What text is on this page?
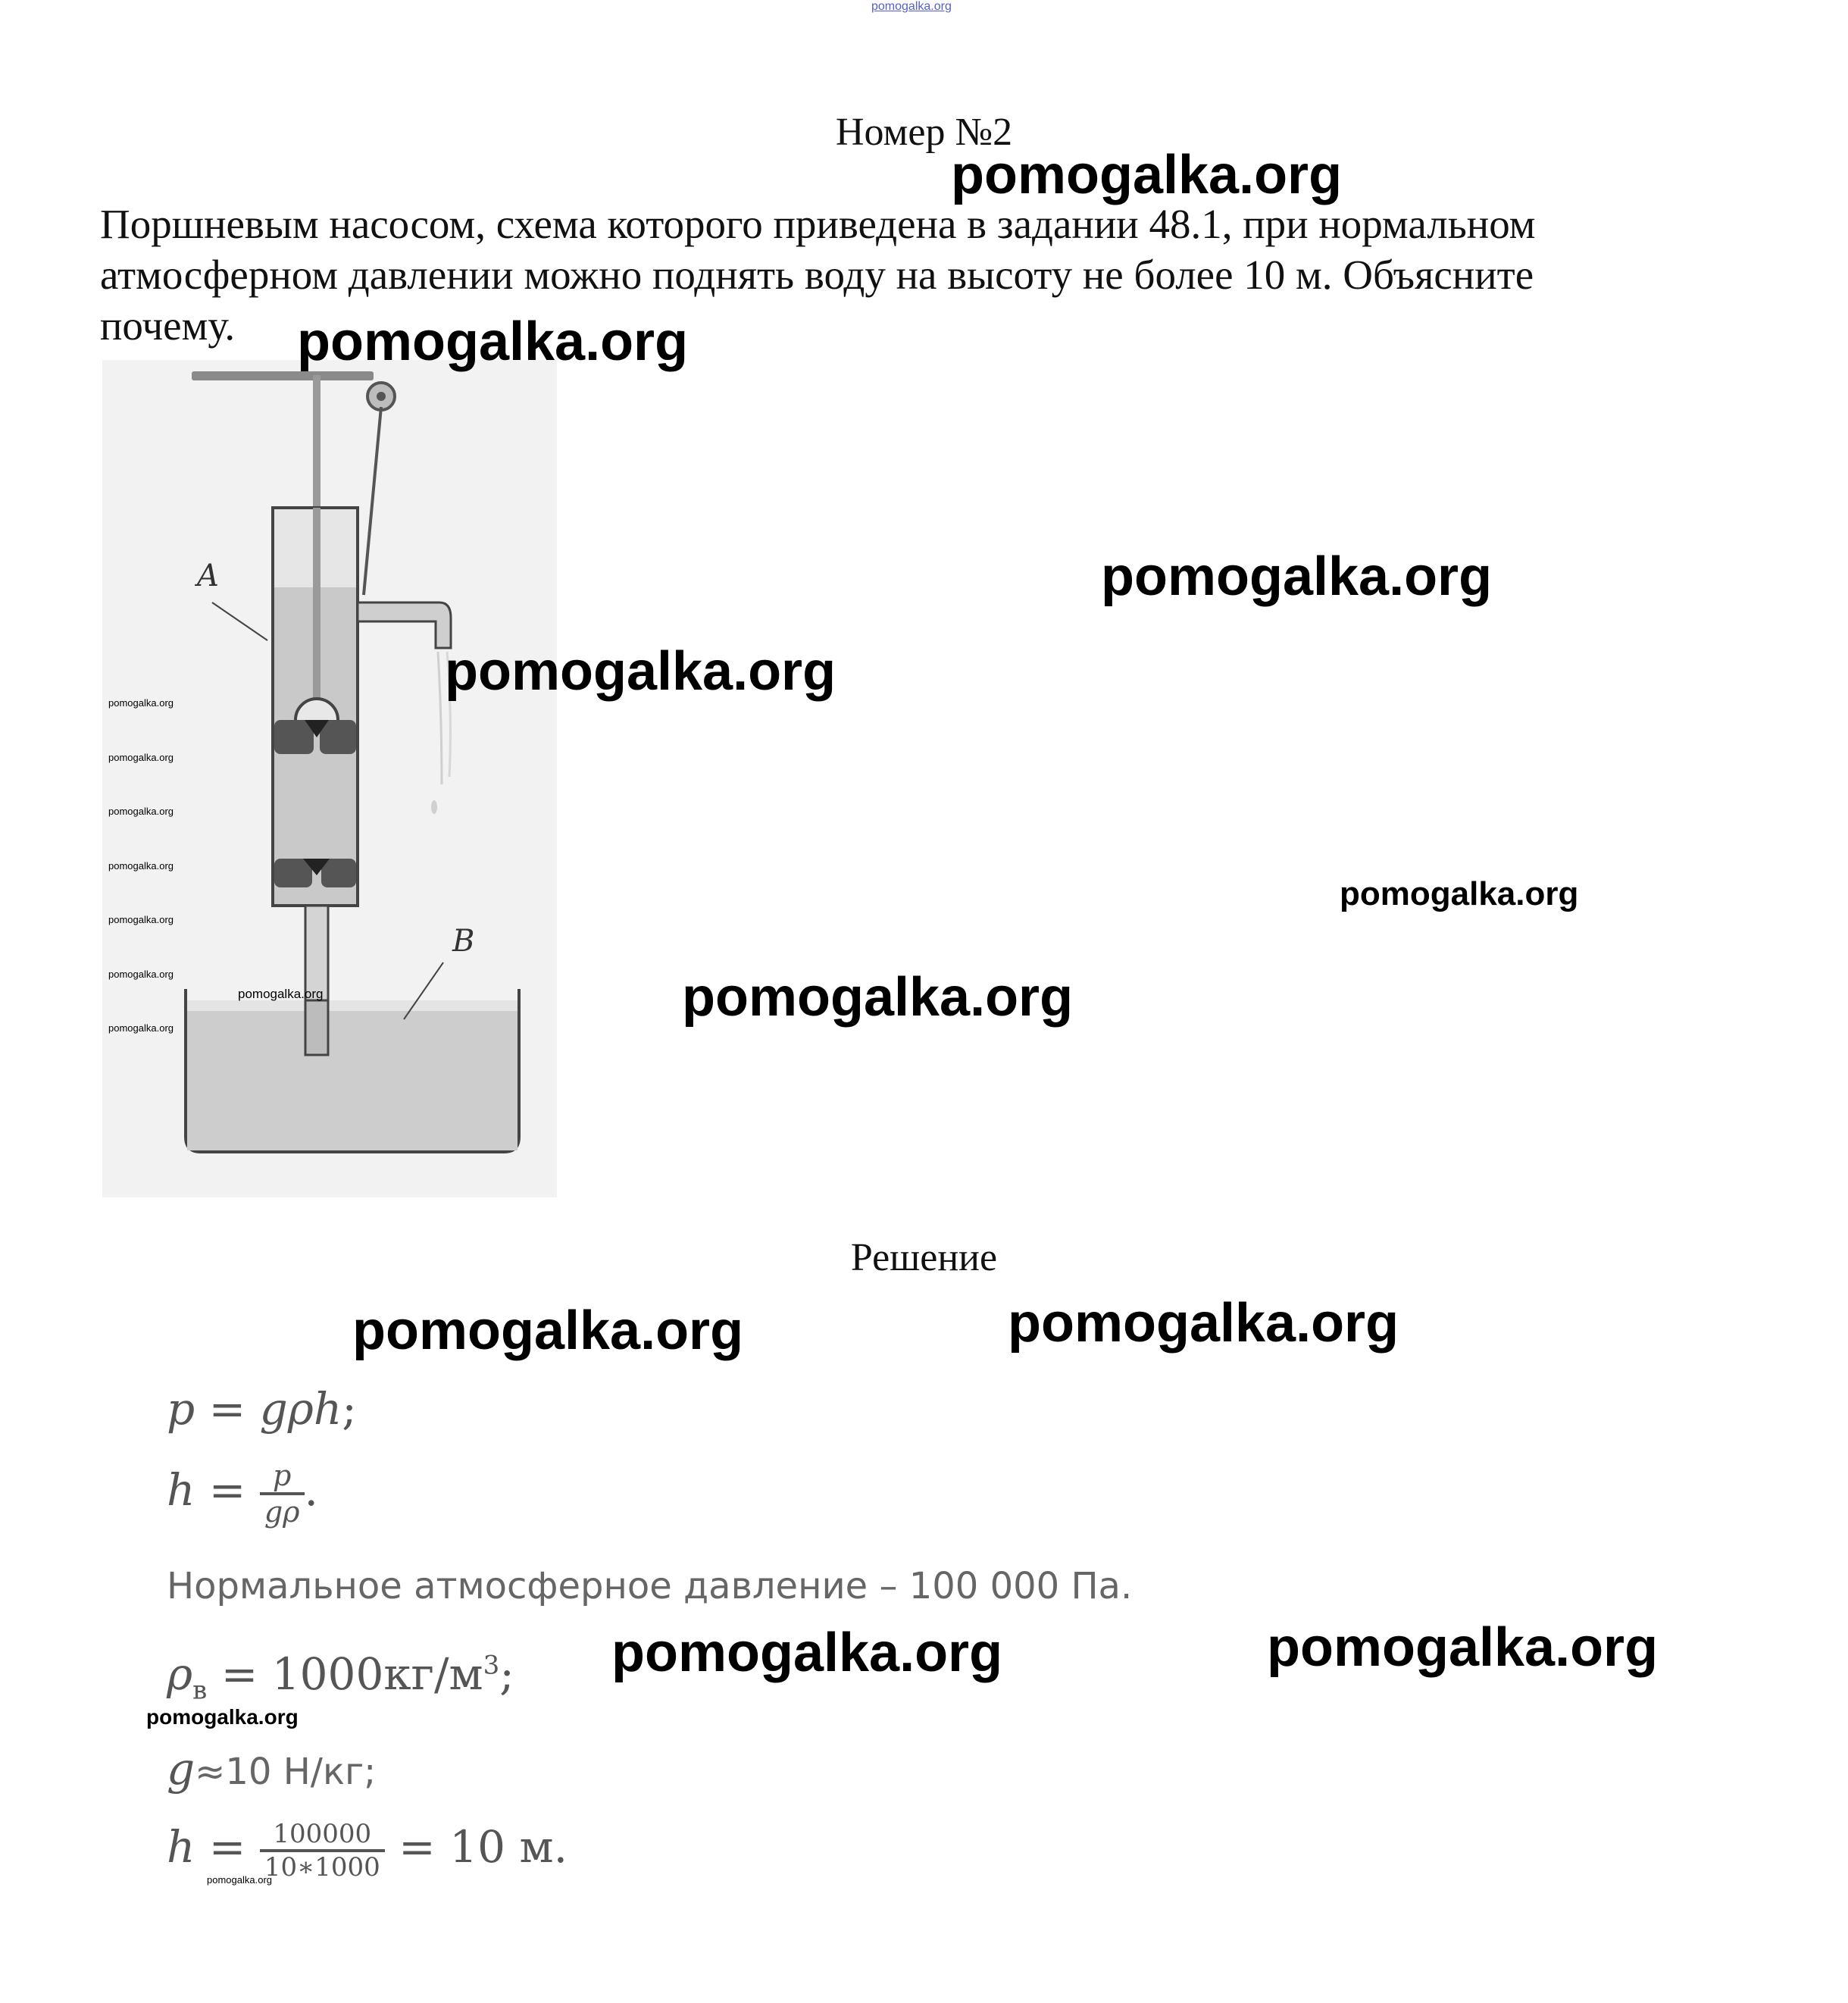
pomogalka.org
Номер №2
Поршневым насосом, схема которого приведена в задании 48.1, при нормальном
атмосферном давлении можно поднять воду на высоту не более 10 м. Объясните
почему.
A
B
Решение
p = gρh;
$h = \frac{p}{g\rho}$ .
Нормальное атмосферное давление – 100 000 Па.
$\rho_в = 1000кг/м^3$;
g≈10 Н/кг;
$h = \frac{100000}{10∗1000} = 10$ м.
pomogalka.org
pomogalka.org
pomogalka.org
pomogalka.org
pomogalka.org
pomogalka.org
pomogalka.org	pomogalka.org
pomogalka.org	pomogalka.org
pomogalka.org
pomogalka.org
pomogalka.org
pomogalka.org
pomogalka.org
pomogalka.org
pomogalka.org
pomogalka.org
pomogalka.org
pomogalka.org
